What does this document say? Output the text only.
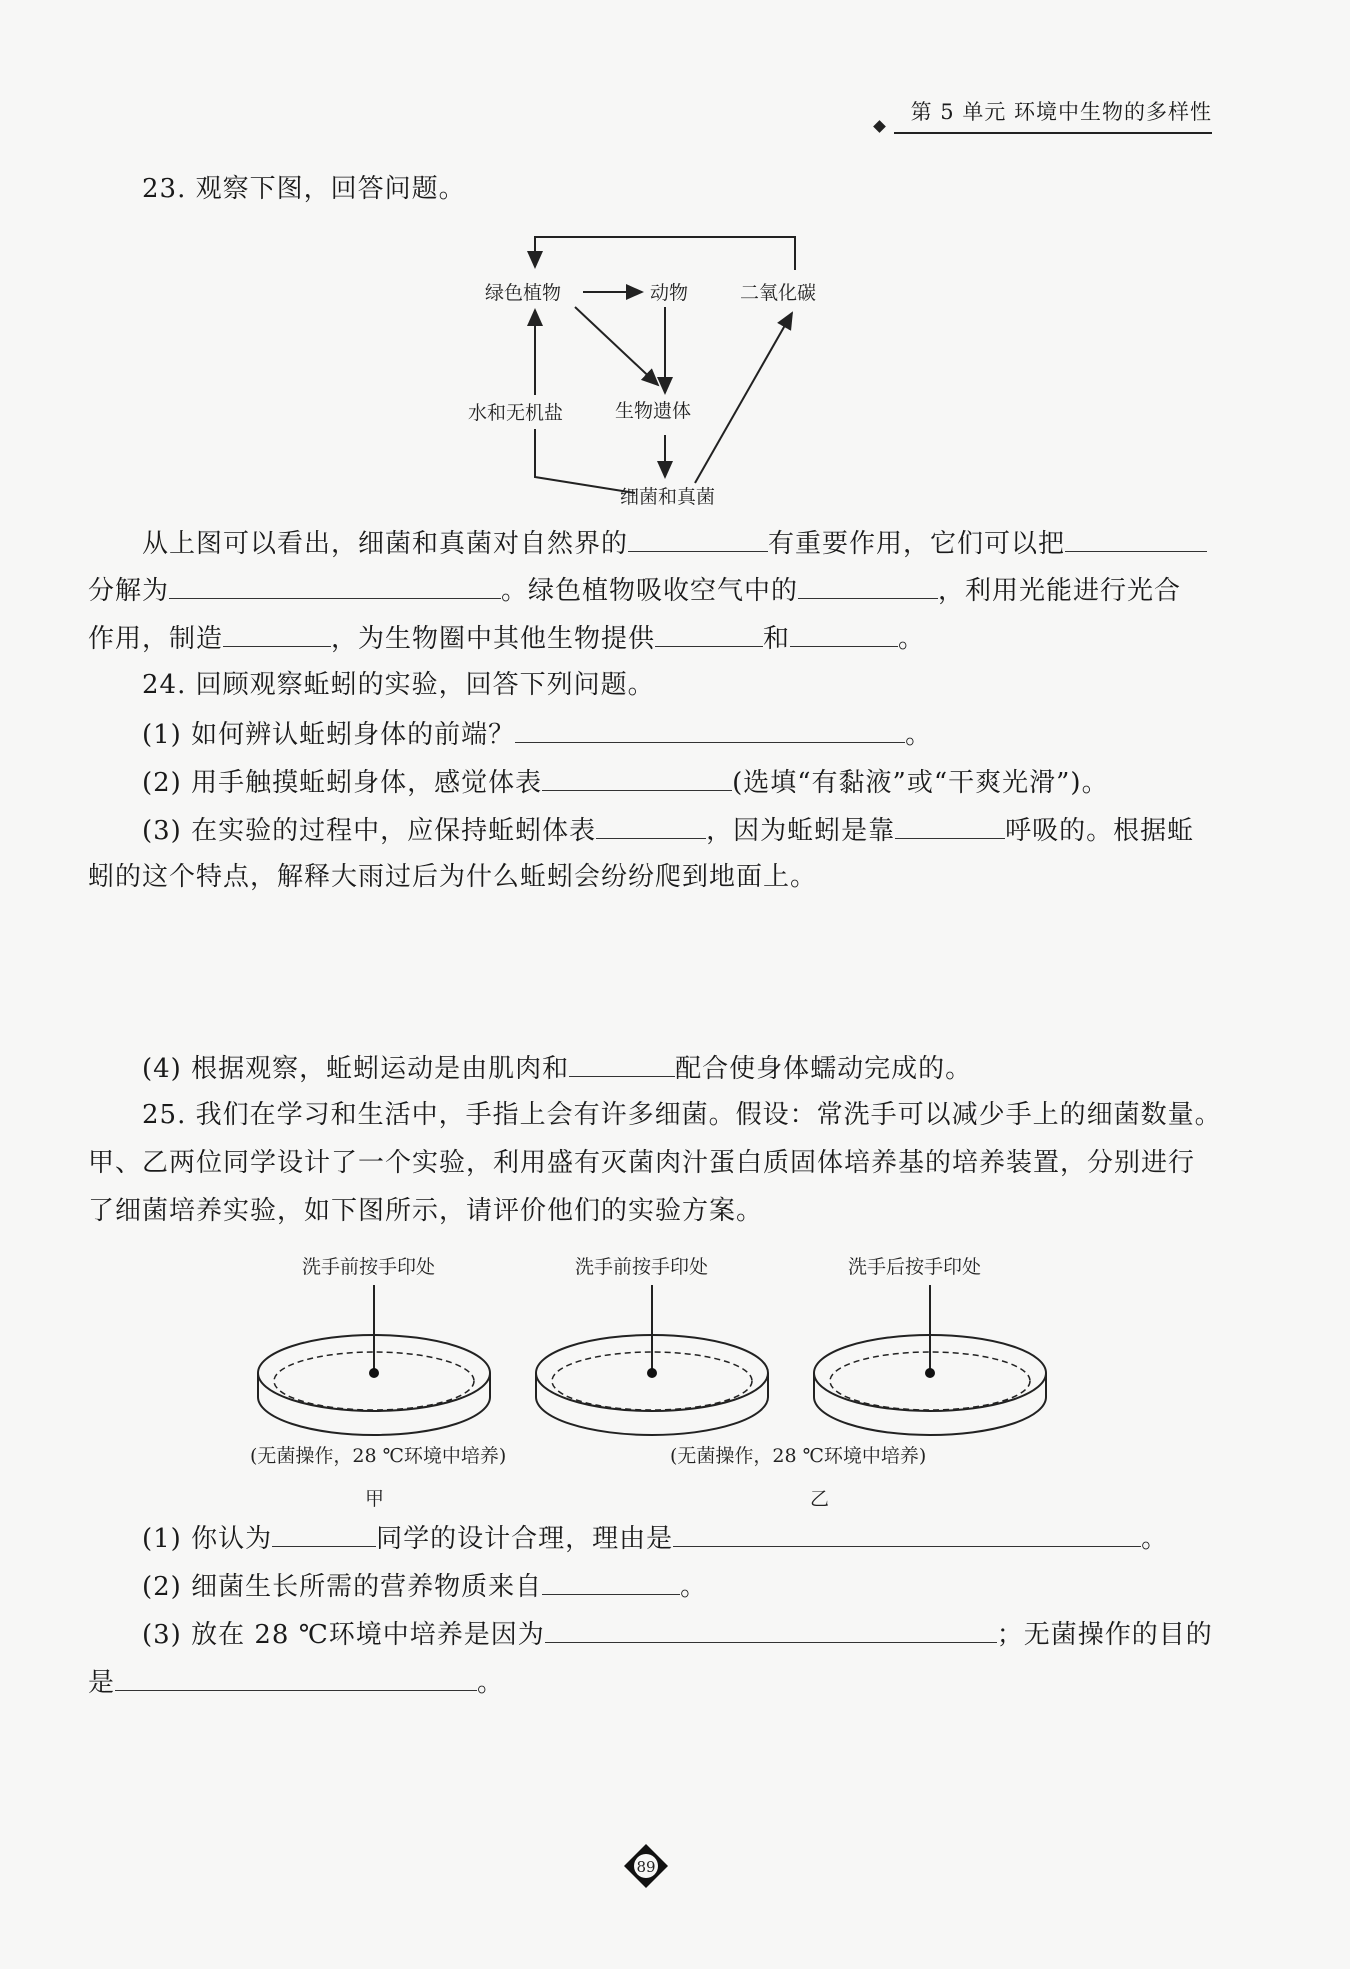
第 5 单元 环境中生物的多样性
23. 观察下图，回答问题。
绿色植物	动物	二氧化碳
水和无机盐	生物遗体
细菌和真菌
从上图可以看出，细菌和真菌对自然界的	有重要作用，它们可以把
分解为	。绿色植物吸收空气中的	，利用光能进行光合
作用，制造	，为生物圈中其他生物提供	和	。
24. 回顾观察蚯蚓的实验，回答下列问题。
(1) 如何辨认蚯蚓身体的前端？	。
(2) 用手触摸蚯蚓身体，感觉体表	(选填“有黏液”或“干爽光滑”)。
(3) 在实验的过程中，应保持蚯蚓体表	，因为蚯蚓是靠	呼吸的。根据蚯
蚓的这个特点，解释大雨过后为什么蚯蚓会纷纷爬到地面上。
(4) 根据观察，蚯蚓运动是由肌肉和	配合使身体蠕动完成的。
25. 我们在学习和生活中，手指上会有许多细菌。假设：常洗手可以减少手上的细菌数量。
甲、乙两位同学设计了一个实验，利用盛有灭菌肉汁蛋白质固体培养基的培养装置，分别进行
了细菌培养实验，如下图所示，请评价他们的实验方案。
洗手前按手印处	洗手前按手印处	洗手后按手印处
(无菌操作，28 ℃环境中培养)	(无菌操作，28 ℃环境中培养)
甲	乙
(1) 你认为	同学的设计合理，理由是	。
(2) 细菌生长所需的营养物质来自	。
(3) 放在 28 ℃环境中培养是因为	；无菌操作的目的
是	。
89
